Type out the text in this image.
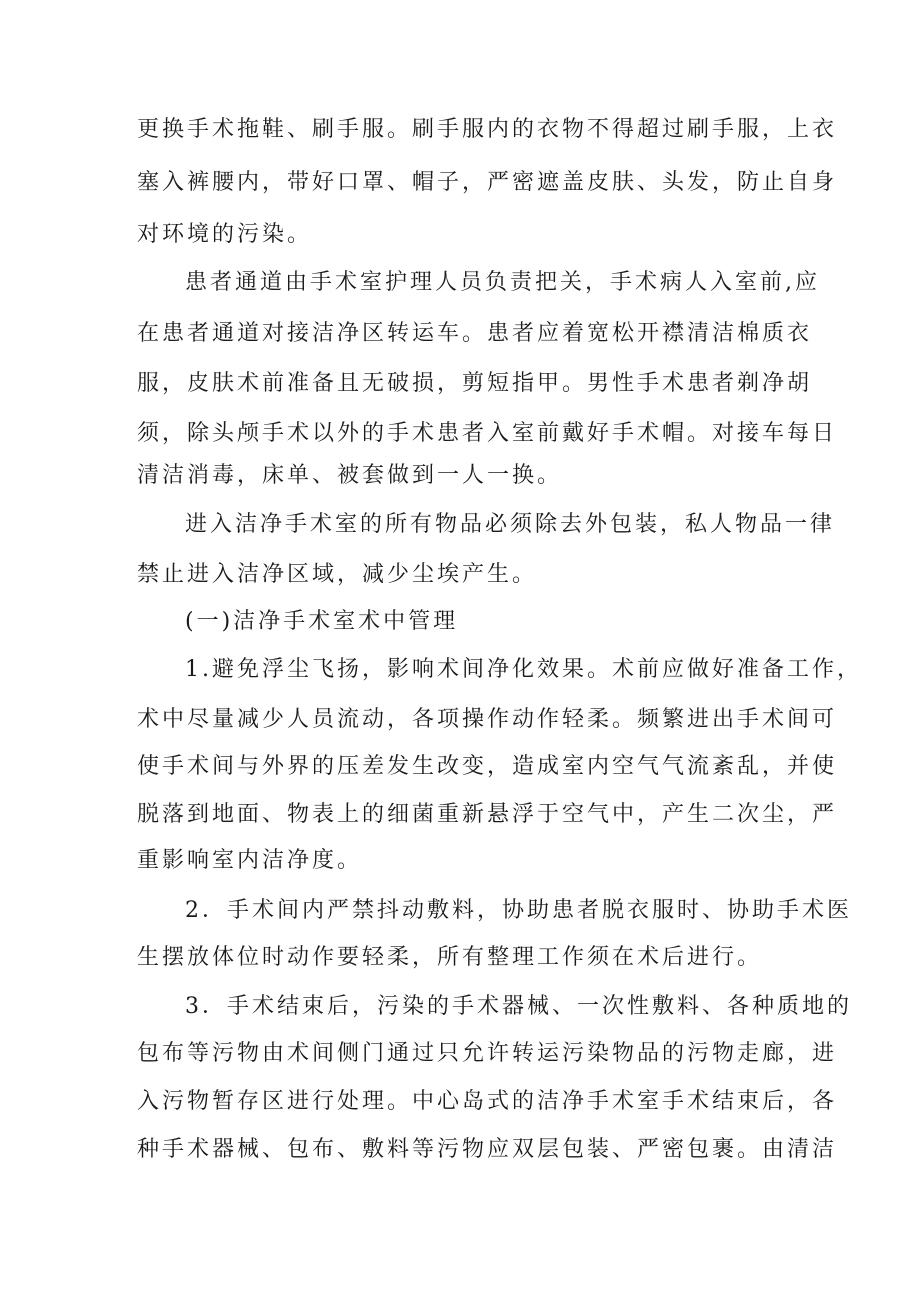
更换手术拖鞋、刷手服。刷手服内的衣物不得超过刷手服，上衣
塞入裤腰内，带好口罩、帽子，严密遮盖皮肤、头发，防止自身
对环境的污染。
患者通道由手术室护理人员负责把关，手术病人入室前,应
在患者通道对接洁净区转运车。患者应着宽松开襟清洁棉质衣
服，皮肤术前准备且无破损，剪短指甲。男性手术患者剃净胡
须，除头颅手术以外的手术患者入室前戴好手术帽。对接车每日
清洁消毒，床单、被套做到一人一换。
进入洁净手术室的所有物品必须除去外包装，私人物品一律
禁止进入洁净区域，减少尘埃产生。
(一)洁净手术室术中管理
1.避免浮尘飞扬，影响术间净化效果。术前应做好准备工作，
术中尽量减少人员流动，各项操作动作轻柔。频繁进出手术间可
使手术间与外界的压差发生改变，造成室内空气气流紊乱，并使
脱落到地面、物表上的细菌重新悬浮于空气中，产生二次尘，严
重影响室内洁净度。
2．手术间内严禁抖动敷料，协助患者脱衣服时、协助手术医
生摆放体位时动作要轻柔，所有整理工作须在术后进行。
3．手术结束后，污染的手术器械、一次性敷料、各种质地的
包布等污物由术间侧门通过只允许转运污染物品的污物走廊，进
入污物暂存区进行处理。中心岛式的洁净手术室手术结束后，各
种手术器械、包布、敷料等污物应双层包装、严密包裹。由清洁
